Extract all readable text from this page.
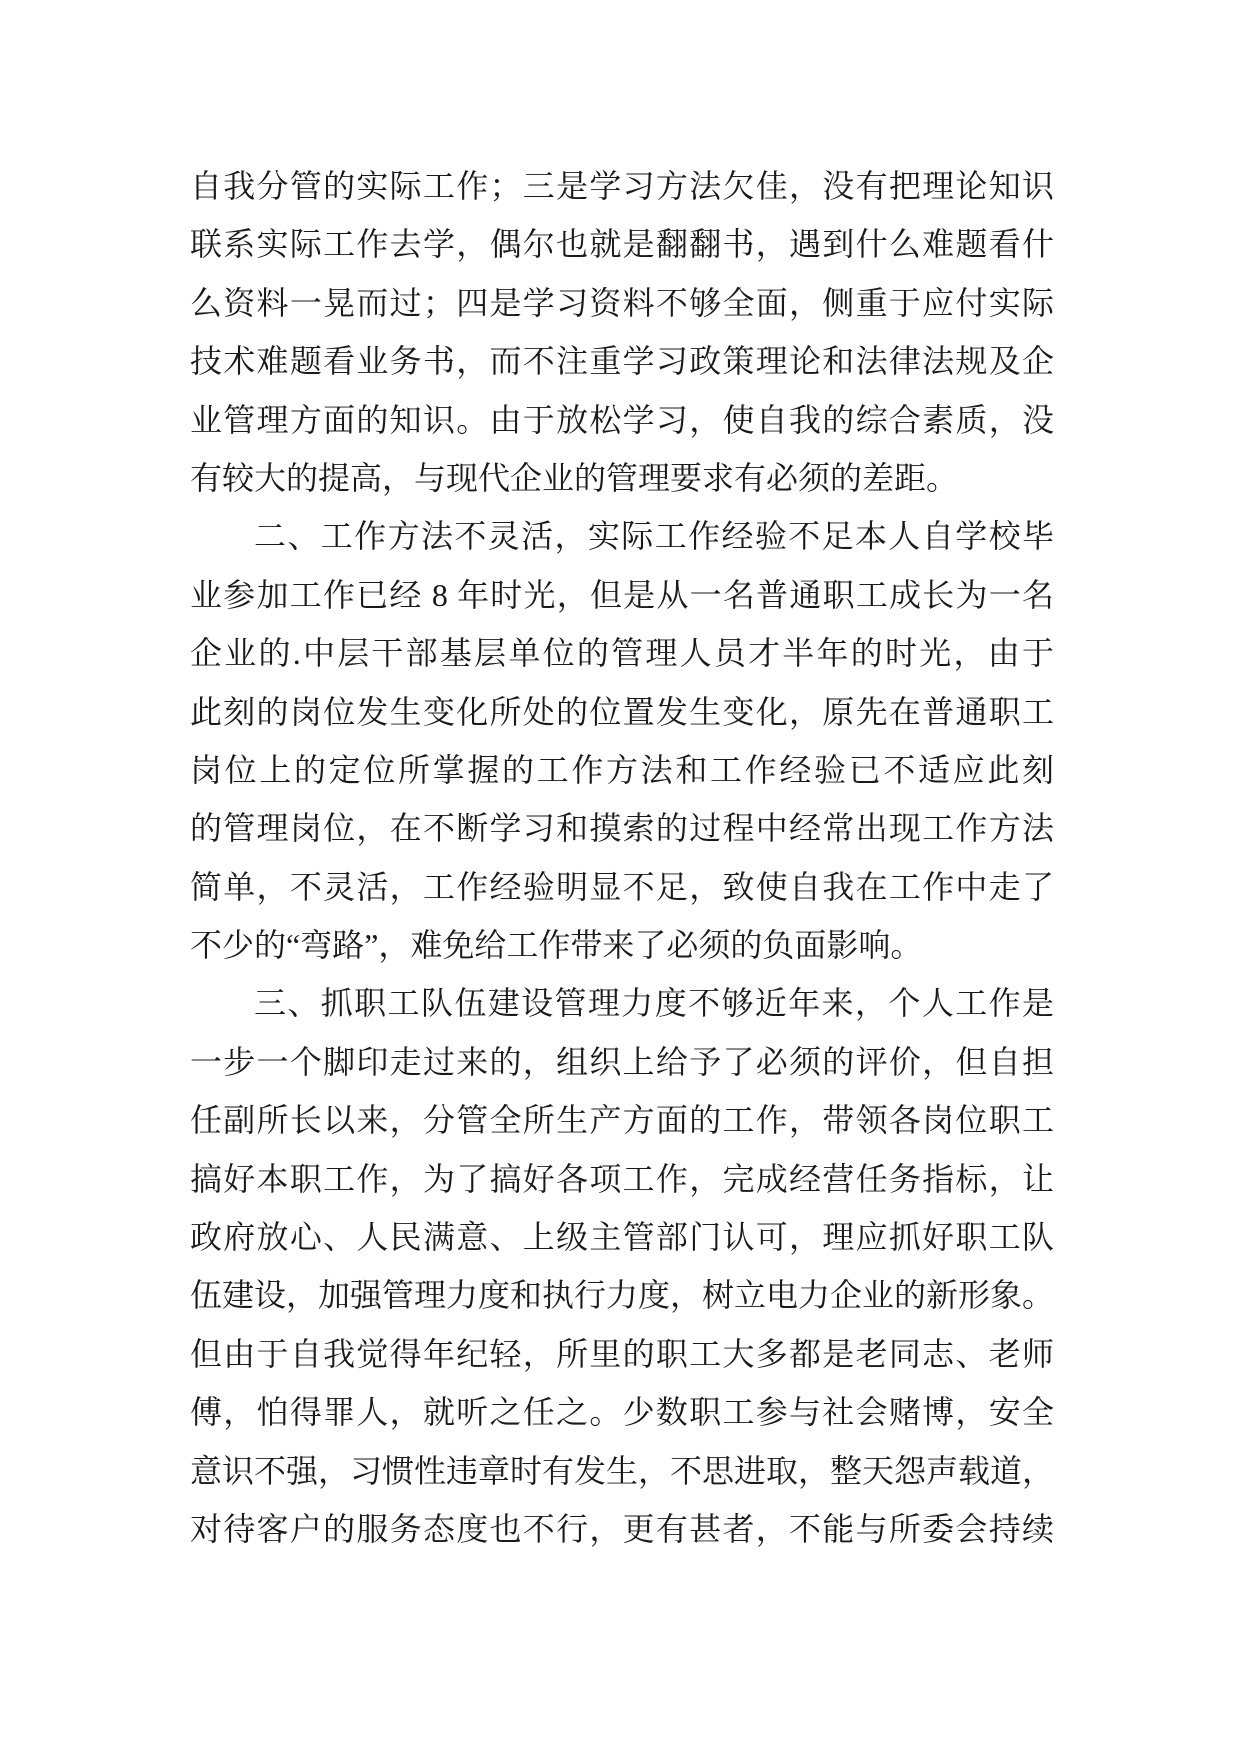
自我分管的实际工作；三是学习方法欠佳，没有把理论知识
联系实际工作去学，偶尔也就是翻翻书，遇到什么难题看什
么资料一晃而过；四是学习资料不够全面，侧重于应付实际
技术难题看业务书，而不注重学习政策理论和法律法规及企
业管理方面的知识。由于放松学习，使自我的综合素质，没
有较大的提高，与现代企业的管理要求有必须的差距。
二、工作方法不灵活，实际工作经验不足本人自学校毕
业参加工作已经 8 年时光，但是从一名普通职工成长为一名
企业的.中层干部基层单位的管理人员才半年的时光，由于
此刻的岗位发生变化所处的位置发生变化，原先在普通职工
岗位上的定位所掌握的工作方法和工作经验已不适应此刻
的管理岗位，在不断学习和摸索的过程中经常出现工作方法
简单，不灵活，工作经验明显不足，致使自我在工作中走了
不少的“弯路”，难免给工作带来了必须的负面影响。
三、抓职工队伍建设管理力度不够近年来，个人工作是
一步一个脚印走过来的，组织上给予了必须的评价，但自担
任副所长以来，分管全所生产方面的工作，带领各岗位职工
搞好本职工作，为了搞好各项工作，完成经营任务指标，让
政府放心、人民满意、上级主管部门认可，理应抓好职工队
伍建设，加强管理力度和执行力度，树立电力企业的新形象。
但由于自我觉得年纪轻，所里的职工大多都是老同志、老师
傅，怕得罪人，就听之任之。少数职工参与社会赌博，安全
意识不强，习惯性违章时有发生，不思进取，整天怨声载道，
对待客户的服务态度也不行，更有甚者，不能与所委会持续
